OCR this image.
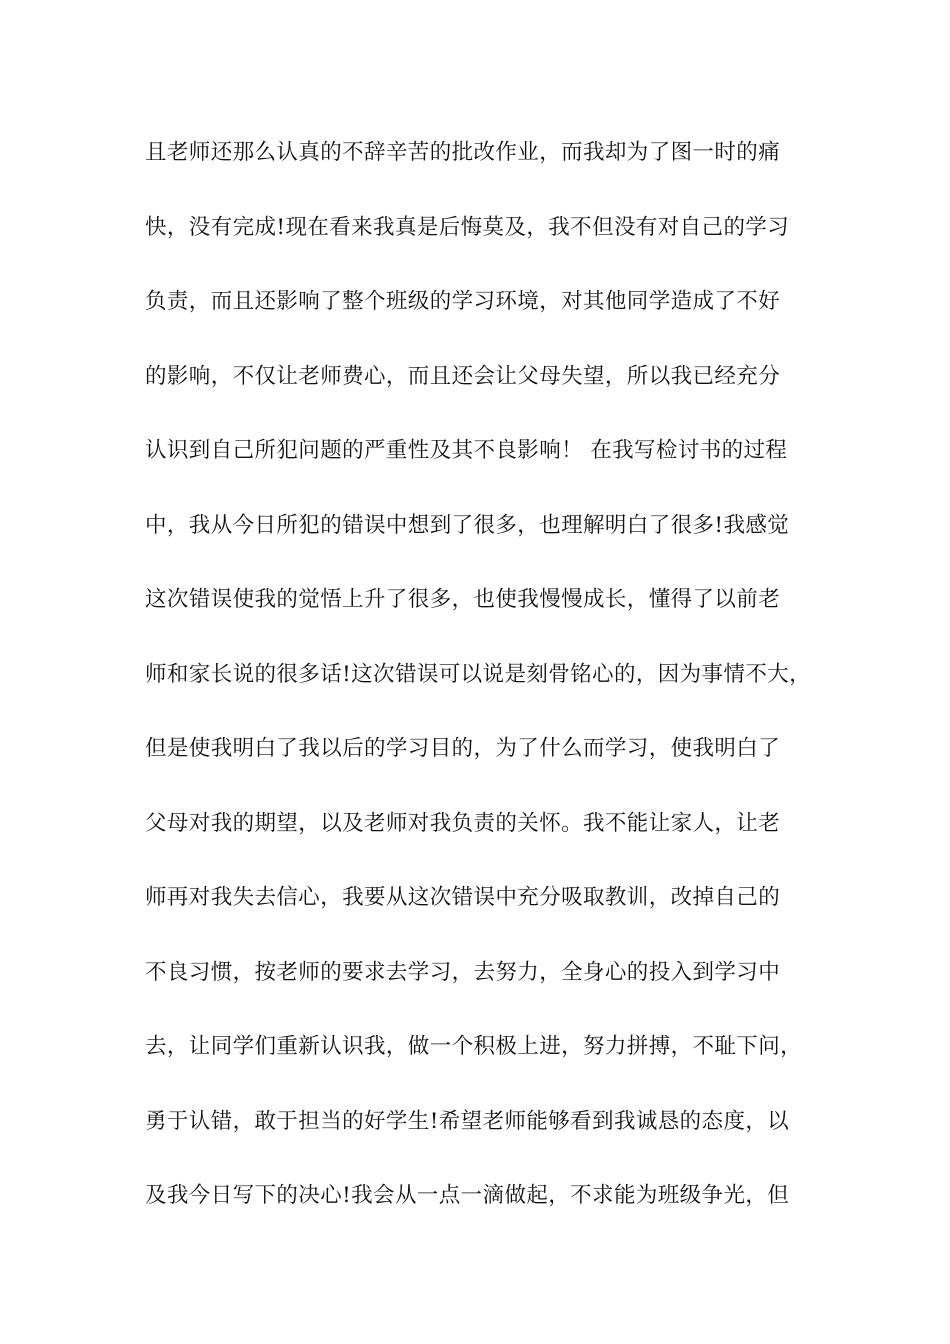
且老师还那么认真的不辞辛苦的批改作业，而我却为了图一时的痛
快，没有完成!现在看来我真是后悔莫及，我不但没有对自己的学习
负责，而且还影响了整个班级的学习环境，对其他同学造成了不好
的影响，不仅让老师费心，而且还会让父母失望，所以我已经充分
认识到自己所犯问题的严重性及其不良影响！ 在我写检讨书的过程
中，我从今日所犯的错误中想到了很多，也理解明白了很多!我感觉
这次错误使我的觉悟上升了很多，也使我慢慢成长，懂得了以前老
师和家长说的很多话!这次错误可以说是刻骨铭心的，因为事情不大，
但是使我明白了我以后的学习目的，为了什么而学习，使我明白了
父母对我的期望，以及老师对我负责的关怀。我不能让家人，让老
师再对我失去信心，我要从这次错误中充分吸取教训，改掉自己的
不良习惯，按老师的要求去学习，去努力，全身心的投入到学习中
去，让同学们重新认识我，做一个积极上进，努力拼搏，不耻下问，
勇于认错，敢于担当的好学生!希望老师能够看到我诚恳的态度，以
及我今日写下的决心!我会从一点一滴做起，不求能为班级争光，但
